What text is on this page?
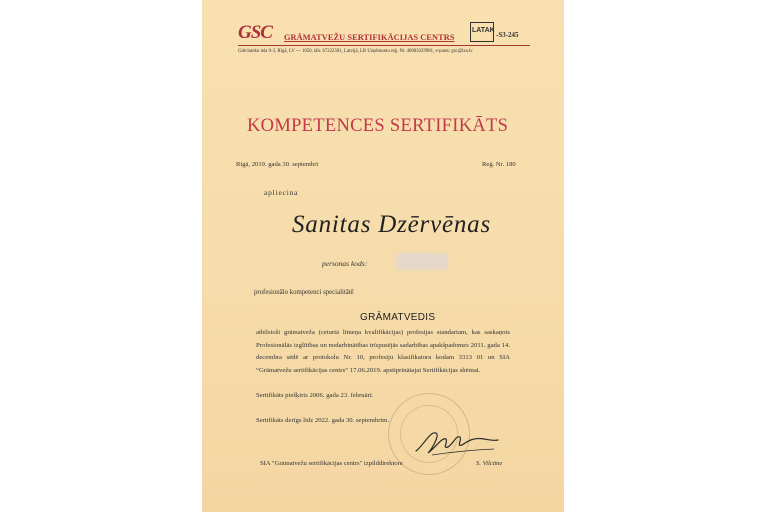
GSC GRĀMATVEŽU SERTIFIKĀCIJAS CENTRS
LATAK
-S3-245
Grēcinieku iela 9-3, Rīgā, LV — 1050, tālr. 67222581, Latvijā, LR Uzņēmumu reģ. Nr. 40003329981, e-pasts: gsc@lza.lv
KOMPETENCES SERTIFIKĀTS
Rīgā, 2019. gada 30. septembrī	Reģ. Nr. 180
apliecina
Sanitas Dzērvēnas
personas kods:
profesionālo kompetenci specialitātē
GRĀMATVEDIS
atbilstoši grāmatveža (ceturtā līmeņa kvalifikācijas) profesijas standartam, kas saskaņots Profesionālās izglītības un nodarbinātības trīspusējās sadarbības apakšpadomes 2011. gada 14. decembra sēdē ar protokolu Nr. 10, profesiju klasifikatora kodam 3313 01 un SIA “Grāmatvežu sertifikācijas centrs” 17.06.2019. apstiprinātajai Sertifikācijas shēmai.
Sertifikāts piešķirts 2006. gada 23. februārī.
Sertifikāts derīgs līdz 2022. gada 30. septembrim.
SIA "Grāmatvežu sertifikācijas centrs" izpilddirektore	S. Vilcāne
